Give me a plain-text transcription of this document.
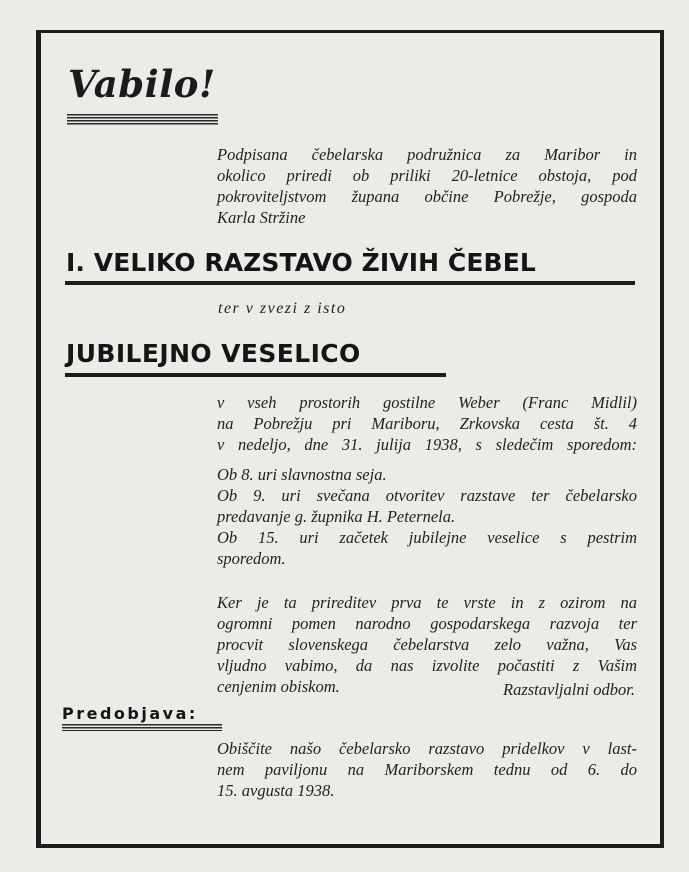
Vabilo!

Podpisana čebelarska podružnica za Maribor in
okolico priredi ob priliki 20-letnice obstoja, pod
pokroviteljstvom župana občine Pobrežje, gospoda
Karla Stržine

I. VELIKO RAZSTAVO ŽIVIH ČEBEL

ter v zvezi z isto

JUBILEJNO VESELICO

v vseh prostorih gostilne Weber (Franc Midlil)
na Pobrežju pri Mariboru, Zrkovska cesta št. 4
v nedeljo, dne 31. julija 1938, s sledečim sporedom:

Ob 8. uri slavnostna seja.
Ob 9. uri svečana otvoritev razstave ter čebelarsko
predavanje g. župnika H. Peternela.
Ob 15. uri začetek jubilejne veselice s pestrim
sporedom.

Ker je ta prireditev prva te vrste in z ozirom na
ogromni pomen narodno gospodarskega razvoja ter
procvit slovenskega čebelarstva zelo važna, Vas
vljudno vabimo, da nas izvolite počastiti z Vašim
cenjenim obiskom.	Razstavljalni odbor.

Predobjava:

Obiščite našo čebelarsko razstavo pridelkov v last-
nem paviljonu na Mariborskem tednu od 6. do
15. avgusta 1938.
